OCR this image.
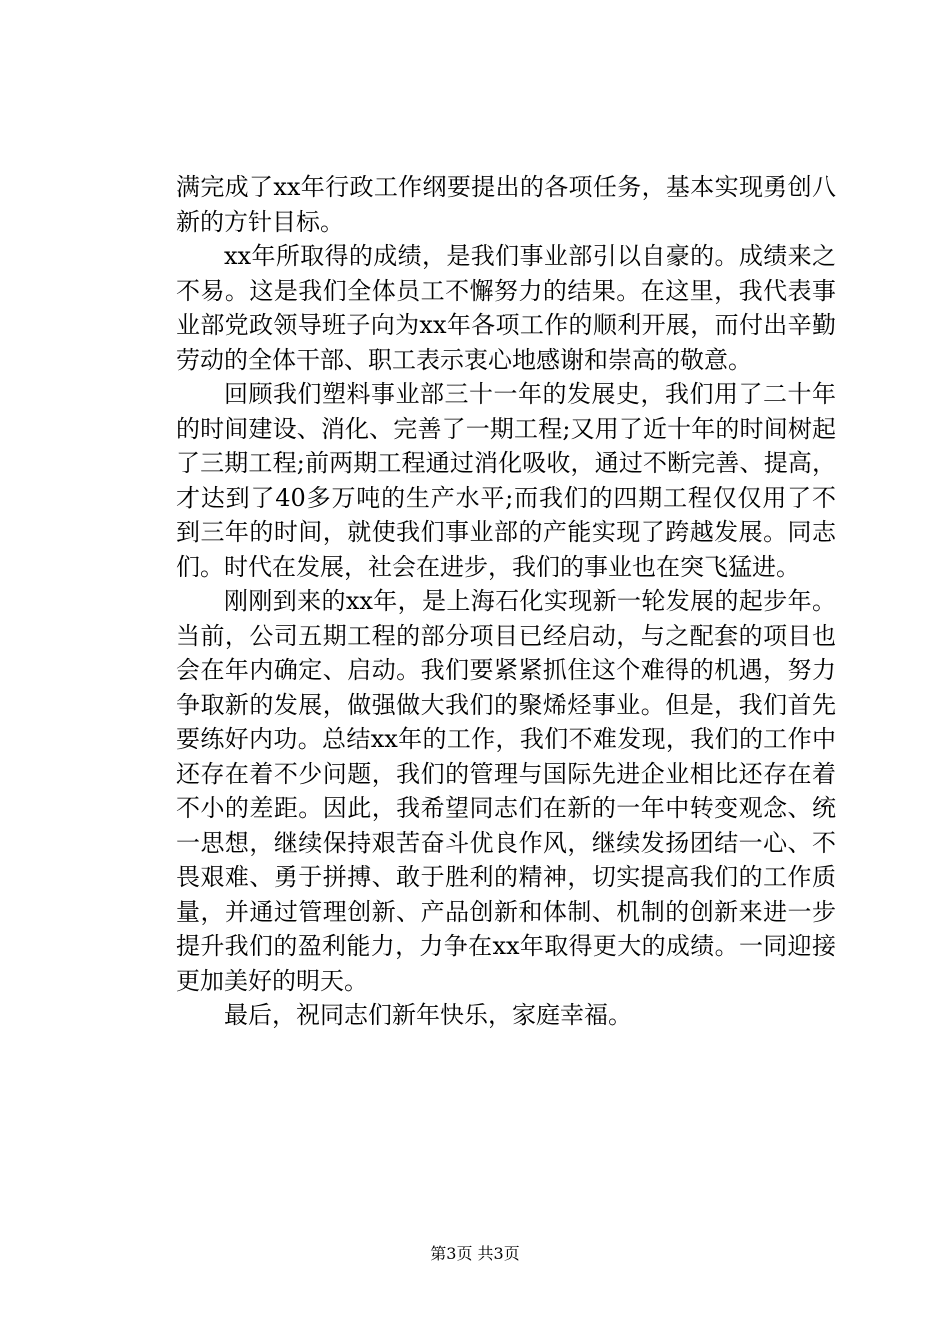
满完成了xx年行政工作纲要提出的各项任务，基本实现勇创八新的方针目标。

xx年所取得的成绩，是我们事业部引以自豪的。成绩来之不易。这是我们全体员工不懈努力的结果。在这里，我代表事业部党政领导班子向为xx年各项工作的顺利开展，而付出辛勤劳动的全体干部、职工表示衷心地感谢和崇高的敬意。

回顾我们塑料事业部三十一年的发展史，我们用了二十年的时间建设、消化、完善了一期工程;又用了近十年的时间树起了三期工程;前两期工程通过消化吸收，通过不断完善、提高，才达到了40多万吨的生产水平;而我们的四期工程仅仅用了不到三年的时间，就使我们事业部的产能实现了跨越发展。同志们。时代在发展，社会在进步，我们的事业也在突飞猛进。

刚刚到来的xx年，是上海石化实现新一轮发展的起步年。当前，公司五期工程的部分项目已经启动，与之配套的项目也会在年内确定、启动。我们要紧紧抓住这个难得的机遇，努力争取新的发展，做强做大我们的聚烯烃事业。但是，我们首先要练好内功。总结xx年的工作，我们不难发现，我们的工作中还存在着不少问题，我们的管理与国际先进企业相比还存在着不小的差距。因此，我希望同志们在新的一年中转变观念、统一思想，继续保持艰苦奋斗优良作风，继续发扬团结一心、不畏艰难、勇于拼搏、敢于胜利的精神，切实提高我们的工作质量，并通过管理创新、产品创新和体制、机制的创新来进一步提升我们的盈利能力，力争在xx年取得更大的成绩。一同迎接更加美好的明天。

最后，祝同志们新年快乐，家庭幸福。

第3页 共3页
